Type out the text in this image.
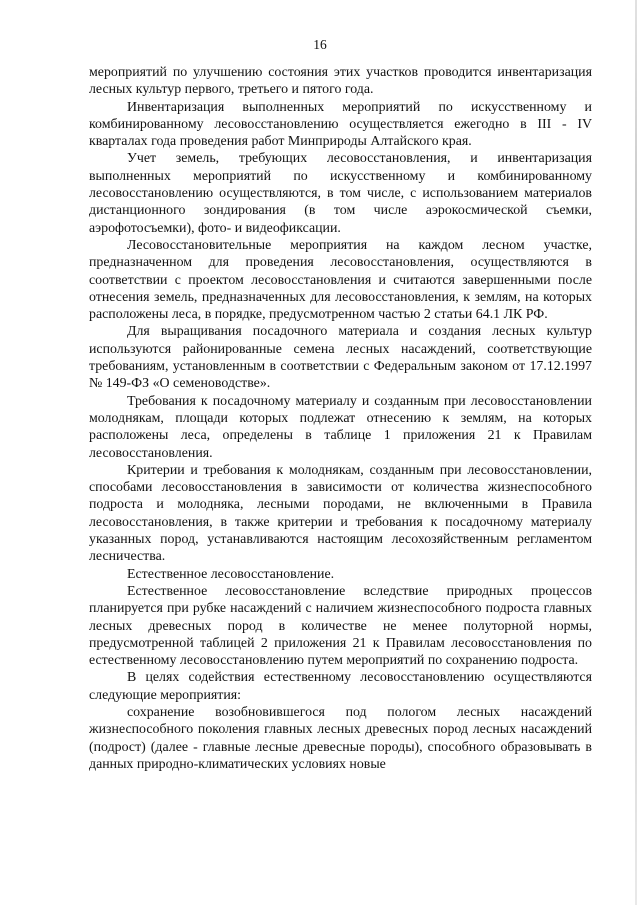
16

мероприятий по улучшению состояния этих участков проводится инвентаризация лесных культур первого, третьего и пятого года.

Инвентаризация выполненных мероприятий по искусственному и комбинированному лесовосстановлению осуществляется ежегодно в III - IV кварталах года проведения работ Минприроды Алтайского края.

Учет земель, требующих лесовосстановления, и инвентаризация выполненных мероприятий по искусственному и комбинированному лесовосстановлению осуществляются, в том числе, с использованием материалов дистанционного зондирования (в том числе аэрокосмической съемки, аэрофотосъемки), фото- и видеофиксации.

Лесовосстановительные мероприятия на каждом лесном участке, предназначенном для проведения лесовосстановления, осуществляются в соответствии с проектом лесовосстановления и считаются завершенными после отнесения земель, предназначенных для лесовосстановления, к землям, на которых расположены леса, в порядке, предусмотренном частью 2 статьи 64.1 ЛК РФ.

Для выращивания посадочного материала и создания лесных культур используются районированные семена лесных насаждений, соответствующие требованиям, установленным в соответствии с Федеральным законом от 17.12.1997 № 149-ФЗ «О семеноводстве».

Требования к посадочному материалу и созданным при лесовосстановлении молоднякам, площади которых подлежат отнесению к землям, на которых расположены леса, определены в таблице 1 приложения 21 к Правилам лесовосстановления.

Критерии и требования к молоднякам, созданным при лесовосстановлении, способами лесовосстановления в зависимости от количества жизнеспособного подроста и молодняка, лесными породами, не включенными в Правила лесовосстановления, в также критерии и требования к посадочному материалу указанных пород, устанавливаются настоящим лесохозяйственным регламентом лесничества.

Естественное лесовосстановление.

Естественное лесовосстановление вследствие природных процессов планируется при рубке насаждений с наличием жизнеспособного подроста главных лесных древесных пород в количестве не менее полуторной нормы, предусмотренной таблицей 2 приложения 21 к Правилам лесовосстановления по естественному лесовосстановлению путем мероприятий по сохранению подроста.

В целях содействия естественному лесовосстановлению осуществляются следующие мероприятия:

сохранение возобновившегося под пологом лесных насаждений жизнеспособного поколения главных лесных древесных пород лесных насаждений (подрост) (далее - главные лесные древесные породы), способного образовывать в данных природно-климатических условиях новые
